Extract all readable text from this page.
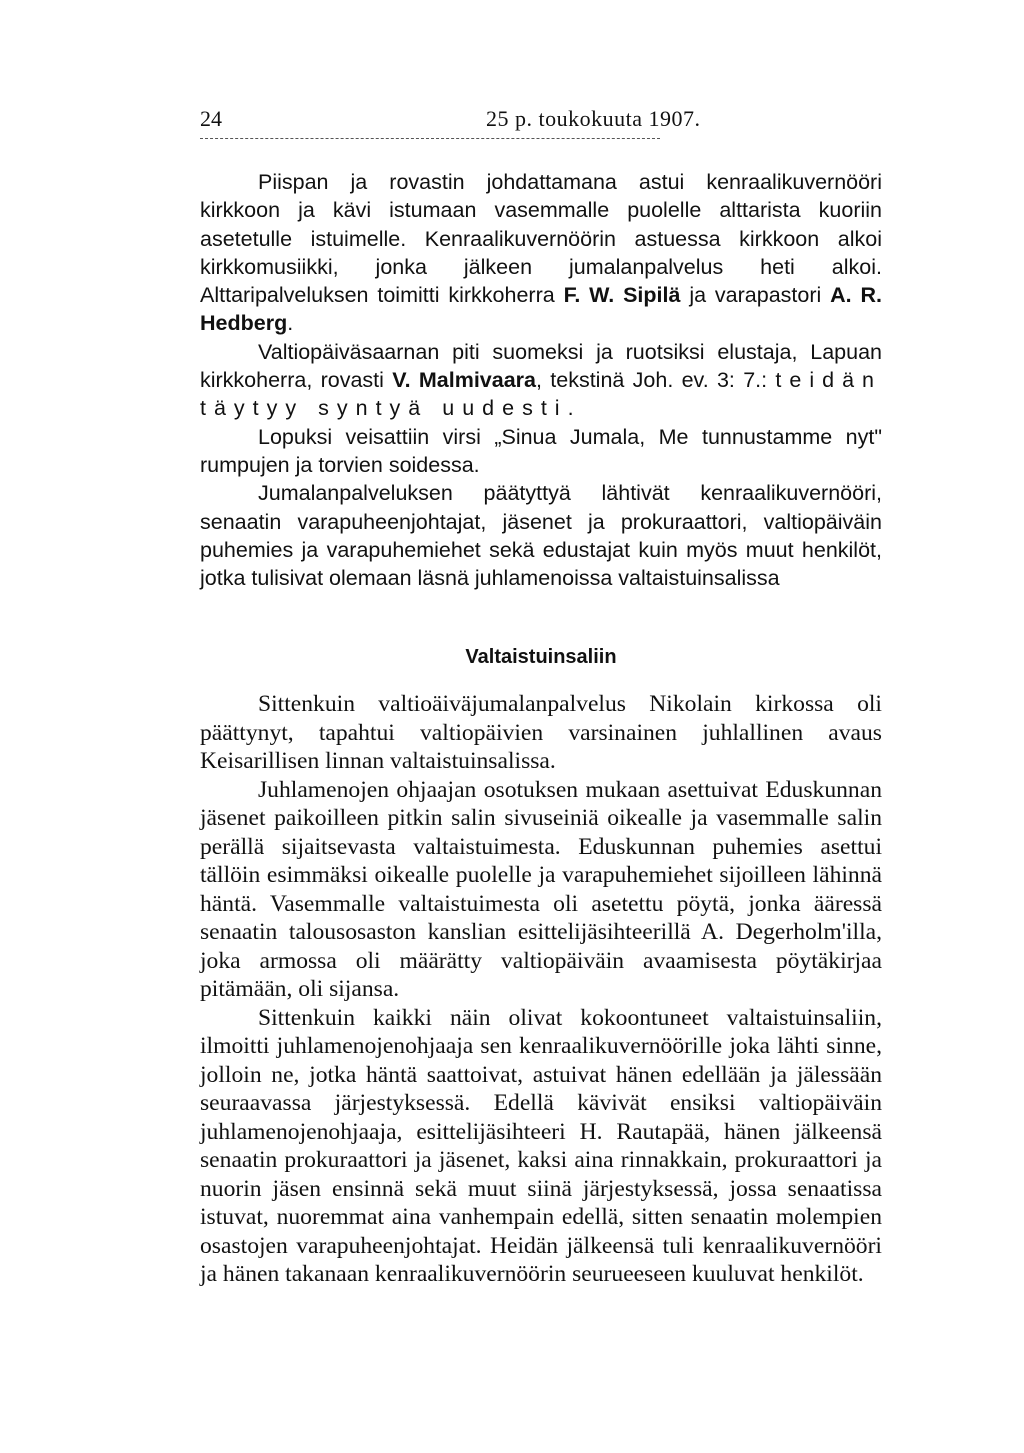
24	25 p. toukokuuta 1907.

Piispan ja rovastin johdattamana astui kenraalikuvernööri kirkkoon ja kävi istumaan vasemmalle puolelle alttarista kuoriin asetetulle istuimelle. Kenraalikuvernöörin astuessa kirkkoon alkoi kirkkomusiikki, jonka jälkeen jumalanpalvelus heti alkoi. Alttaripalveluksen toimitti kirkkoherra F. W. Sipilä ja varapastori A. R. Hedberg.

Valtiopäiväsaarnan piti suomeksi ja ruotsiksi elustaja, Lapuan kirkkoherra, rovasti V. Malmivaara, tekstinä Joh. ev. 3: 7.: teidän täytyy syntyä uudesti.

Lopuksi veisattiin virsi „Sinua Jumala, Me tunnustamme nyt" rumpujen ja torvien soidessa.

Jumalanpalveluksen päätyttyä lähtivät kenraalikuvernööri, senaatin varapuheenjohtajat, jäsenet ja prokuraattori, valtiopäiväin puhemies ja varapuhemiehet sekä edustajat kuin myös muut henkilöt, jotka tulisivat olemaan läsnä juhlamenoissa valtaistuinsalissa

Valtaistuinsaliin

Sittenkuin valtioäiväjumalanpalvelus Nikolain kirkossa oli päättynyt, tapahtui valtiopäivien varsinainen juhlallinen avaus Keisarillisen linnan valtaistuinsalissa.

Juhlamenojen ohjaajan osotuksen mukaan asettuivat Eduskunnan jäsenet paikoilleen pitkin salin sivuseiniä oikealle ja vasemmalle salin perällä sijaitsevasta valtaistuimesta. Eduskunnan puhemies asettui tällöin esimmäksi oikealle puolelle ja varapuhemiehet sijoilleen lähinnä häntä. Vasemmalle valtaistuimesta oli asetettu pöytä, jonka ääressä senaatin talousosaston kanslian esittelijäsihteerillä A. Degerholm'illa, joka armossa oli määrätty valtiopäiväin avaamisesta pöytäkirjaa pitämään, oli sijansa.

Sittenkuin kaikki näin olivat kokoontuneet valtaistuinsaliin, ilmoitti juhlamenojenohjaaja sen kenraalikuvernöörille joka lähti sinne, jolloin ne, jotka häntä saattoivat, astuivat hänen edellään ja jälessään seuraavassa järjestyksessä. Edellä kävivät ensiksi valtiopäiväin juhlamenojenohjaaja, esittelijäsihteeri H. Rautapää, hänen jälkeensä senaatin prokuraattori ja jäsenet, kaksi aina rinnakkain, prokuraattori ja nuorin jäsen ensinnä sekä muut siinä järjestyksessä, jossa senaatissa istuvat, nuoremmat aina vanhempain edellä, sitten senaatin molempien osastojen varapuheenjohtajat. Heidän jälkeensä tuli kenraalikuvernööri ja hänen takanaan kenraalikuvernöörin seurueeseen kuuluvat henkilöt.
